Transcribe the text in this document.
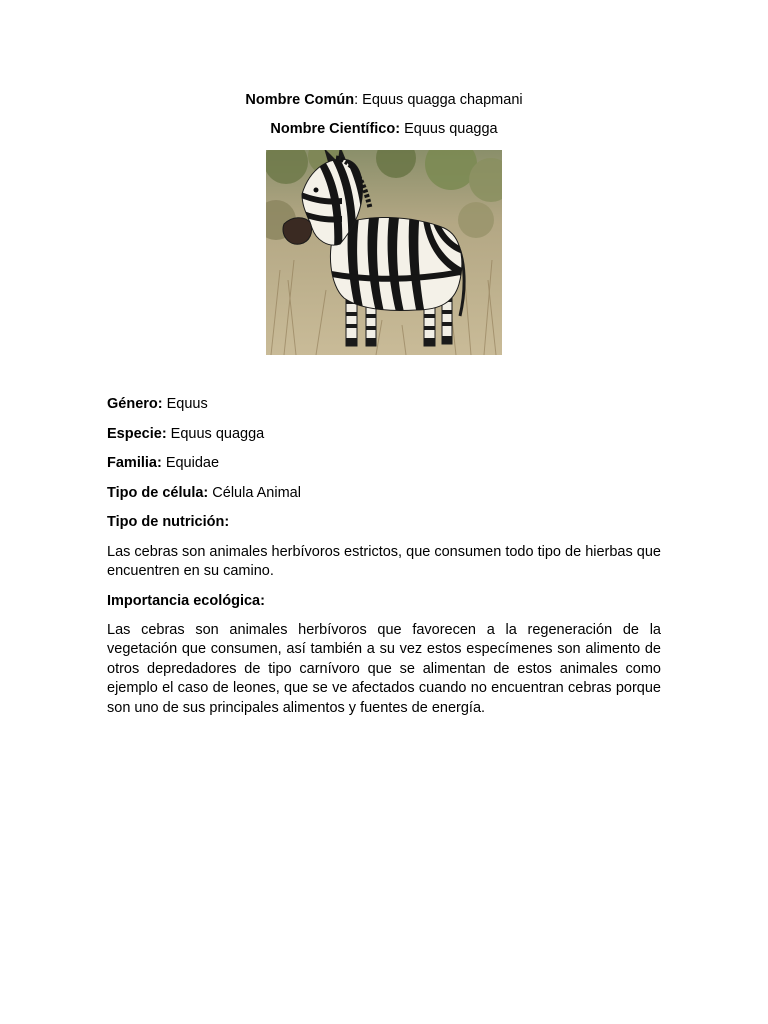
Nombre Común: Equus quagga chapmani
Nombre Científico: Equus quagga
Género: Equus
Especie: Equus quagga
Familia: Equidae
Tipo de célula: Célula Animal
Tipo de nutrición:
Las cebras son animales herbívoros estrictos, que consumen todo tipo de hierbas que encuentren en su camino.
Importancia ecológica:
Las cebras son animales herbívoros que favorecen a la regeneración de la vegetación que consumen, así también a su vez estos especímenes son alimento de otros depredadores de tipo carnívoro que se alimentan de estos animales como ejemplo el caso de leones, que se ve afectados cuando no encuentran cebras porque son uno de sus principales alimentos y fuentes de energía.
